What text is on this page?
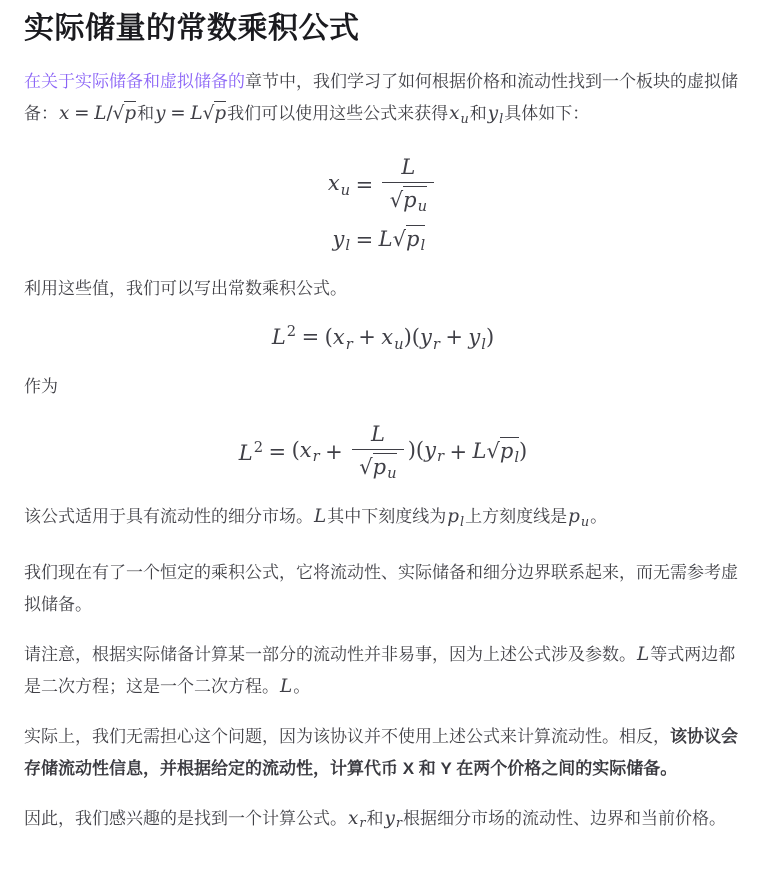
实际储量的常数乘积公式

在关于实际储备和虚拟储备的章节中，我们学习了如何根据价格和流动性找到一个板块的虚拟储备：x = L/√p和y = L√p我们可以使用这些公式来获得xu和yl具体如下：

xu = $\frac{L}{√pu}$
yl = L√pl

利用这些值，我们可以写出常数乘积公式。

$L^2 = (xr + xu)(yr + yl)$

作为

$L^2 = (xr + \frac{L}{√pu} )(yr + L√pl)$

该公式适用于具有流动性的细分市场。L其中下刻度线为pl上方刻度线是pu。

我们现在有了一个恒定的乘积公式，它将流动性、实际储备和细分边界联系起来，而无需参考虚拟储备。

请注意，根据实际储备计算某一部分的流动性并非易事，因为上述公式涉及参数。L等式两边都是二次方程；这是一个二次方程。L。

实际上，我们无需担心这个问题，因为该协议并不使用上述公式来计算流动性。相反，该协议会存储流动性信息，并根据给定的流动性，计算代币 X 和 Y 在两个价格之间的实际储备。

因此，我们感兴趣的是找到一个计算公式。xr和yr根据细分市场的流动性、边界和当前价格。
